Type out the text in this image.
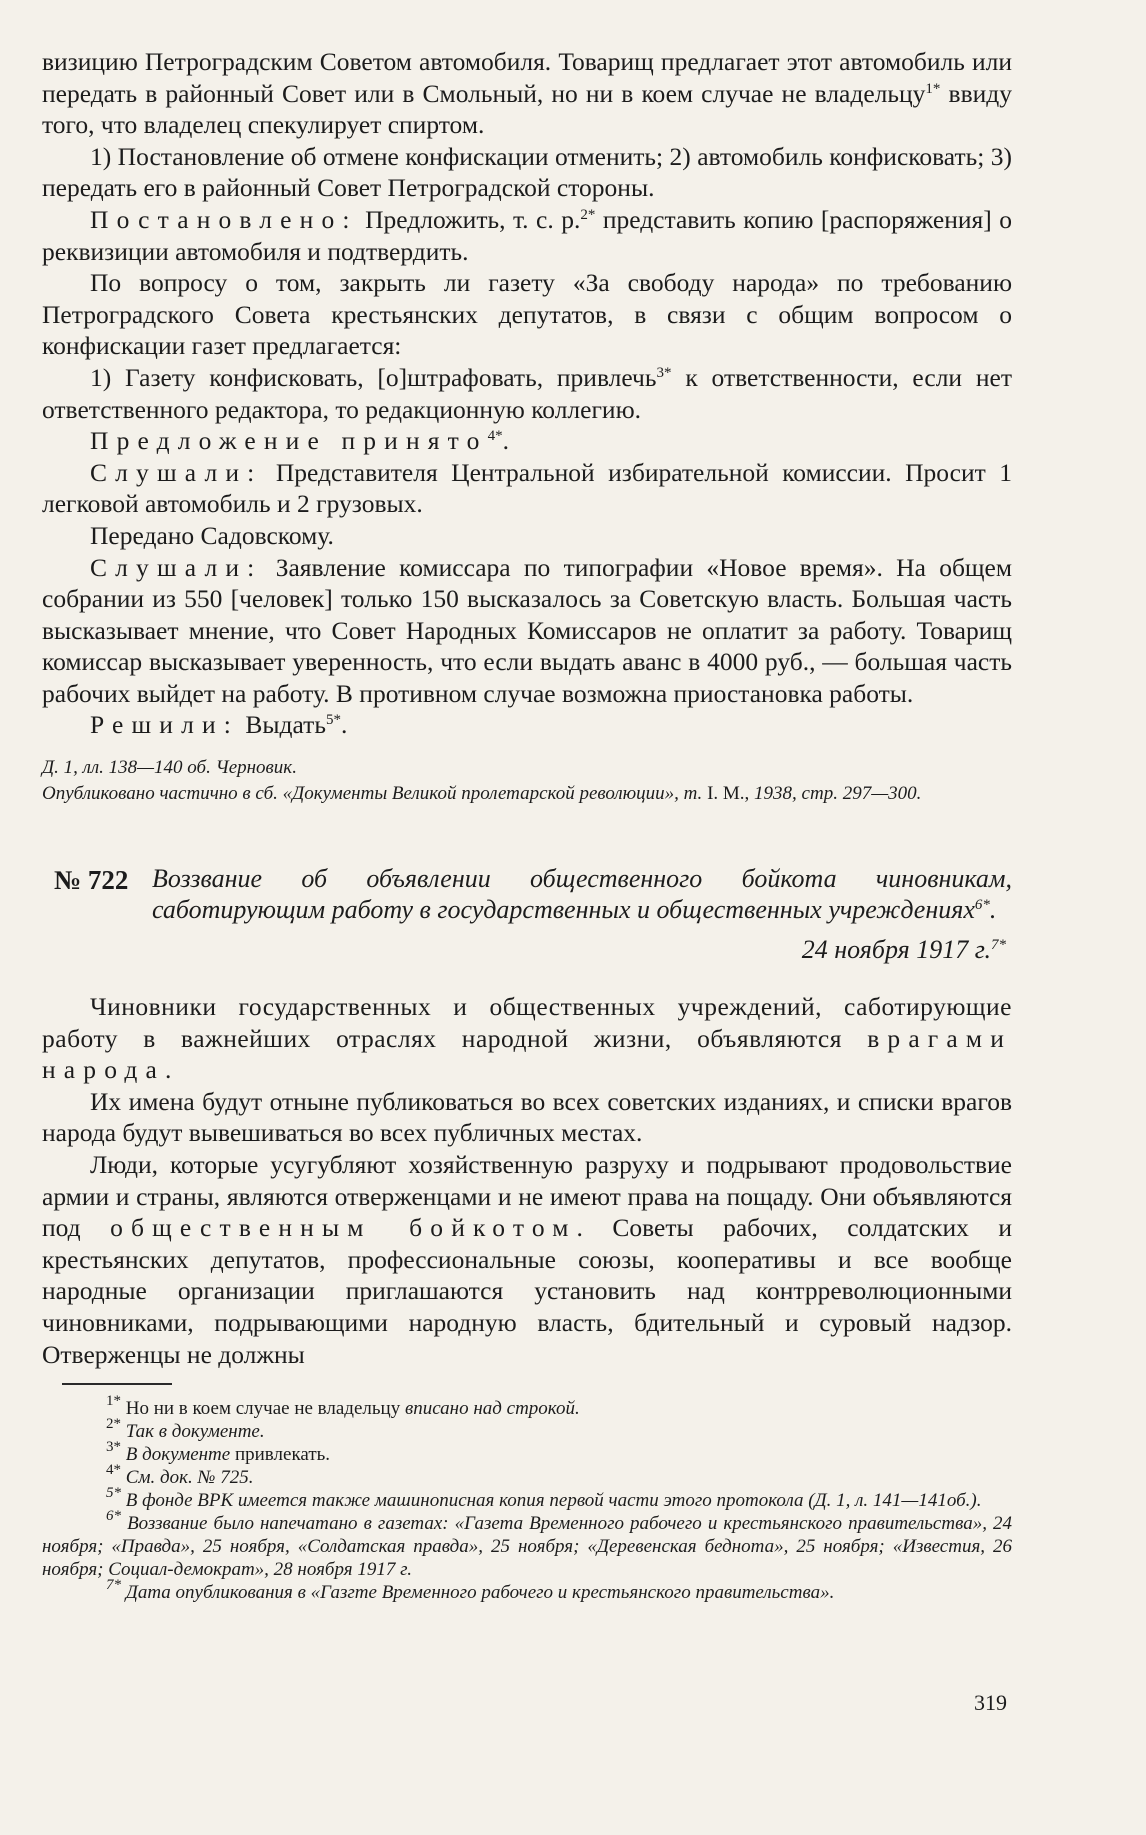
визицию Петроградским Советом автомобиля. Товарищ предлагает этот автомобиль или передать в районный Совет или в Смольный, но ни в коем случае не владельцу$^{1*}$ ввиду того, что владелец спекулирует спиртом.

1) Постановление об отмене конфискации отменить; 2) автомобиль конфисковать; 3) передать его в районный Совет Петроградской стороны.

Постановлено: Предложить, т. с. р.$^{2*}$ представить копию [распоряжения] о реквизиции автомобиля и подтвердить.

По вопросу о том, закрыть ли газету «За свободу народа» по требованию Петроградского Совета крестьянских депутатов, в связи с общим вопросом о конфискации газет предлагается:

1) Газету конфисковать, [о]штрафовать, привлечь$^{3*}$ к ответственности, если нет ответственного редактора, то редакционную коллегию.

Предложение принято$^{4*}$.

Слушали: Представителя Центральной избирательной комиссии. Просит 1 легковой автомобиль и 2 грузовых.

Передано Садовскому.

Слушали: Заявление комиссара по типографии «Новое время». На общем собрании из 550 [человек] только 150 высказалось за Советскую власть. Большая часть высказывает мнение, что Совет Народных Комиссаров не оплатит за работу. Товарищ комиссар высказывает уверенность, что если выдать аванс в 4000 руб., — большая часть рабочих выйдет на работу. В противном случае возможна приостановка работы.

Решили: Выдать$^{5*}$.

Д. 1, лл. 138—140 об. Черновик.

Опубликовано частично в сб. «Документы Великой пролетарской революции», т. I. М., 1938, стр. 297—300.

№ 722 Воззвание об объявлении общественного бойкота чиновникам, саботирующим работу в государственных и общественных учреждениях$^{6*}$.
24 ноября 1917 г.$^{7*}$

Чиновники государственных и общественных учреждений, саботирующие работу в важнейших отраслях народной жизни, объявляются врагами народа.

Их имена будут отныне публиковаться во всех советских изданиях, и списки врагов народа будут вывешиваться во всех публичных местах.

Люди, которые усугубляют хозяйственную разруху и подрывают продовольствие армии и страны, являются отверженцами и не имеют права на пощаду. Они объявляются под общественным бойкотом. Советы рабочих, солдатских и крестьянских депутатов, профессиональные союзы, кооперативы и все вообще народные организации приглашаются установить над контрреволюционными чиновниками, подрывающими народную власть, бдительный и суровый надзор. Отверженцы не должны

$^{1*}$ Но ни в коем случае не владельцу вписано над строкой.

$^{2*}$ Так в документе.

$^{3*}$ В документе привлекать.

$^{4*}$ См. док. № 725.

$^{5*}$ В фонде ВРК имеется также машинописная копия первой части этого протокола (Д. 1, л. 141—141об.).

$^{6*}$ Воззвание было напечатано в газетах: «Газета Временного рабочего и крестьянского правительства», 24 ноября; «Правда», 25 ноября, «Солдатская правда», 25 ноября; «Деревенская беднота», 25 ноября; «Известия, 26 ноября; Социал-демократ», 28 ноября 1917 г.

$^{7*}$ Дата опубликования в «Газгте Временного рабочего и крестьянского правительства».

319
